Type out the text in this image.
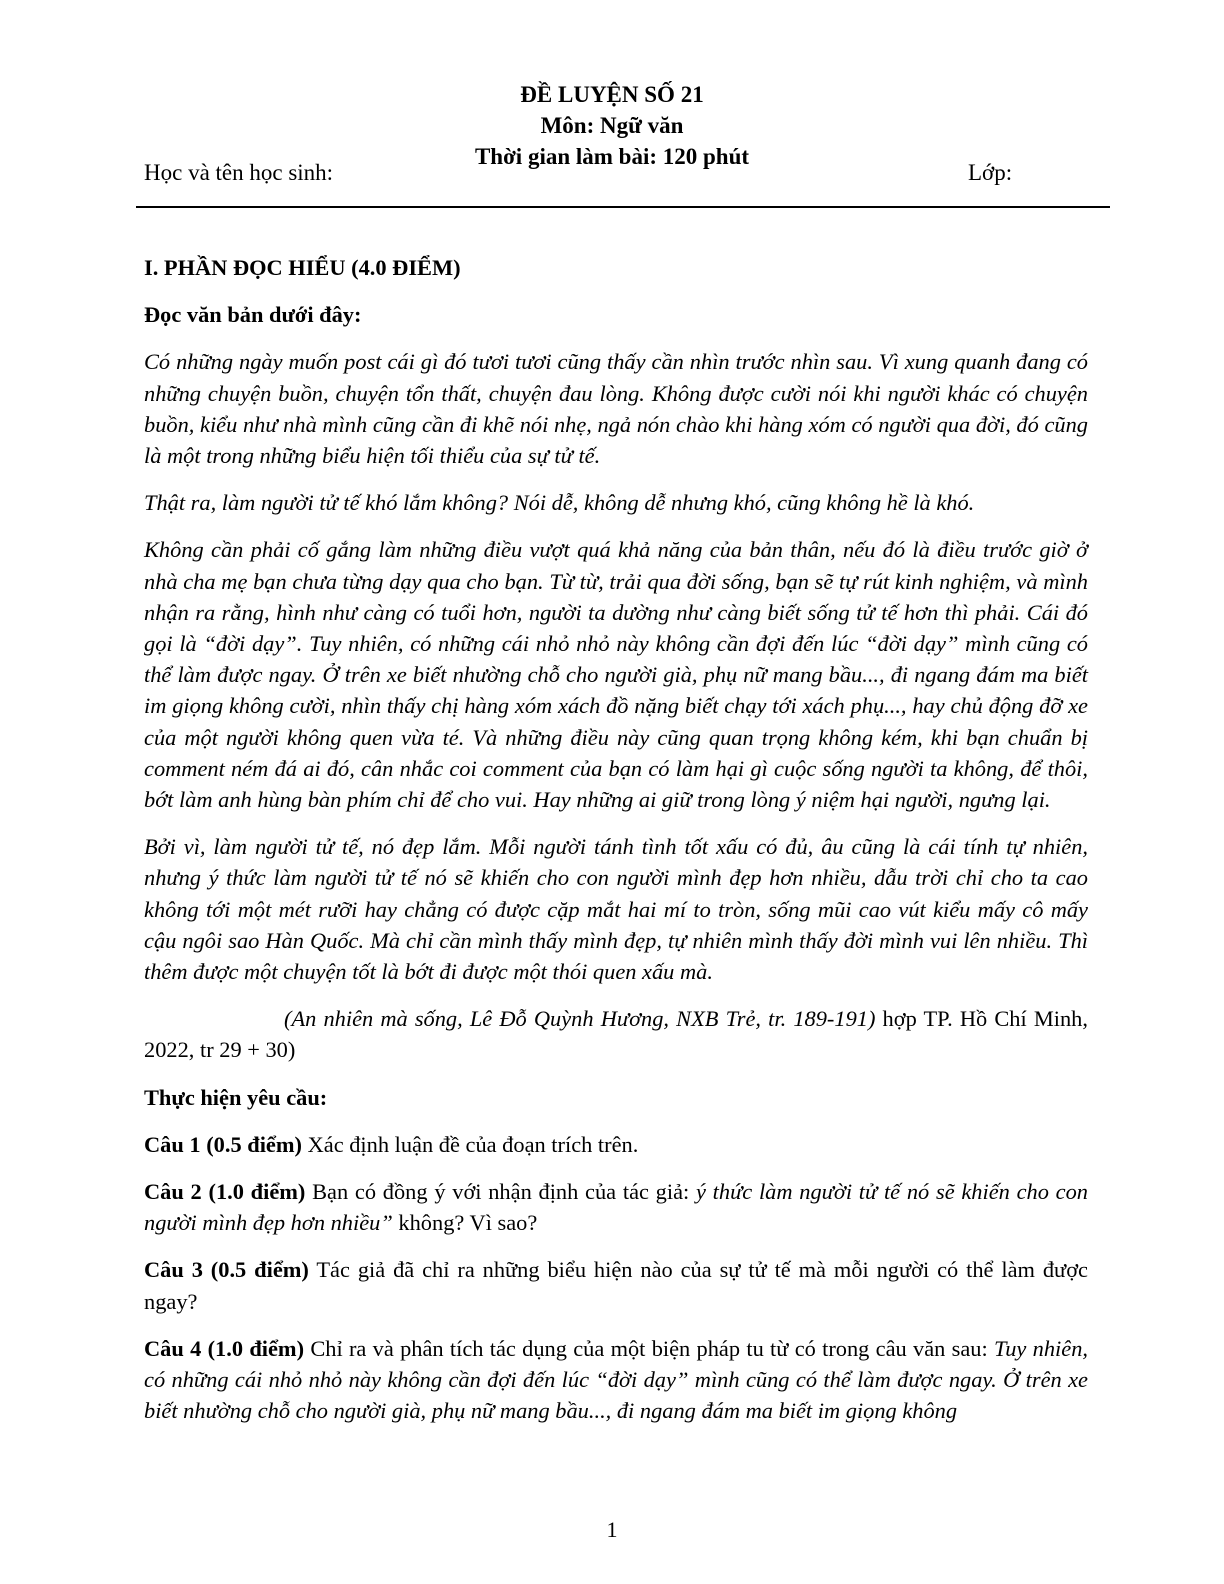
ĐỀ LUYỆN SỐ 21
Môn: Ngữ văn
Thời gian làm bài: 120 phút
Học và tên học sinh:	Lớp:

I. PHẦN ĐỌC HIỂU (4.0 ĐIỂM)

Đọc văn bản dưới đây:

Có những ngày muốn post cái gì đó tươi tươi cũng thấy cần nhìn trước nhìn sau. Vì xung quanh đang có những chuyện buồn, chuyện tổn thất, chuyện đau lòng. Không được cười nói khi người khác có chuyện buồn, kiểu như nhà mình cũng cần đi khẽ nói nhẹ, ngả nón chào khi hàng xóm có người qua đời, đó cũng là một trong những biểu hiện tối thiểu của sự tử tế.

Thật ra, làm người tử tế khó lắm không? Nói dễ, không dễ nhưng khó, cũng không hề là khó.

Không cần phải cố gắng làm những điều vượt quá khả năng của bản thân, nếu đó là điều trước giờ ở nhà cha mẹ bạn chưa từng dạy qua cho bạn. Từ từ, trải qua đời sống, bạn sẽ tự rút kinh nghiệm, và mình nhận ra rằng, hình như càng có tuổi hơn, người ta dường như càng biết sống tử tế hơn thì phải. Cái đó gọi là “đời dạy”. Tuy nhiên, có những cái nhỏ nhỏ này không cần đợi đến lúc “đời dạy” mình cũng có thể làm được ngay. Ở trên xe biết nhường chỗ cho người già, phụ nữ mang bầu..., đi ngang đám ma biết im giọng không cười, nhìn thấy chị hàng xóm xách đồ nặng biết chạy tới xách phụ..., hay chủ động đỡ xe của một người không quen vừa té. Và những điều này cũng quan trọng không kém, khi bạn chuẩn bị comment ném đá ai đó, cân nhắc coi comment của bạn có làm hại gì cuộc sống người ta không, để thôi, bớt làm anh hùng bàn phím chỉ để cho vui. Hay những ai giữ trong lòng ý niệm hại người, ngưng lại.

Bởi vì, làm người tử tế, nó đẹp lắm. Mỗi người tánh tình tốt xấu có đủ, âu cũng là cái tính tự nhiên, nhưng ý thức làm người tử tế nó sẽ khiến cho con người mình đẹp hơn nhiều, dẫu trời chỉ cho ta cao không tới một mét rưỡi hay chẳng có được cặp mắt hai mí to tròn, sống mũi cao vút kiểu mấy cô mấy cậu ngôi sao Hàn Quốc. Mà chỉ cần mình thấy mình đẹp, tự nhiên mình thấy đời mình vui lên nhiều. Thì thêm được một chuyện tốt là bớt đi được một thói quen xấu mà.

(An nhiên mà sống, Lê Đỗ Quỳnh Hương, NXB Trẻ, tr. 189-191) hợp TP. Hồ Chí Minh, 2022, tr 29 + 30)

Thực hiện yêu cầu:

Câu 1 (0.5 điểm) Xác định luận đề của đoạn trích trên.

Câu 2 (1.0 điểm) Bạn có đồng ý với nhận định của tác giả: ý thức làm người tử tế nó sẽ khiến cho con người mình đẹp hơn nhiều” không? Vì sao?

Câu 3 (0.5 điểm) Tác giả đã chỉ ra những biểu hiện nào của sự tử tế mà mỗi người có thể làm được ngay?

Câu 4 (1.0 điểm) Chỉ ra và phân tích tác dụng của một biện pháp tu từ có trong câu văn sau: Tuy nhiên, có những cái nhỏ nhỏ này không cần đợi đến lúc “đời dạy” mình cũng có thể làm được ngay. Ở trên xe biết nhường chỗ cho người già, phụ nữ mang bầu..., đi ngang đám ma biết im giọng không

1
